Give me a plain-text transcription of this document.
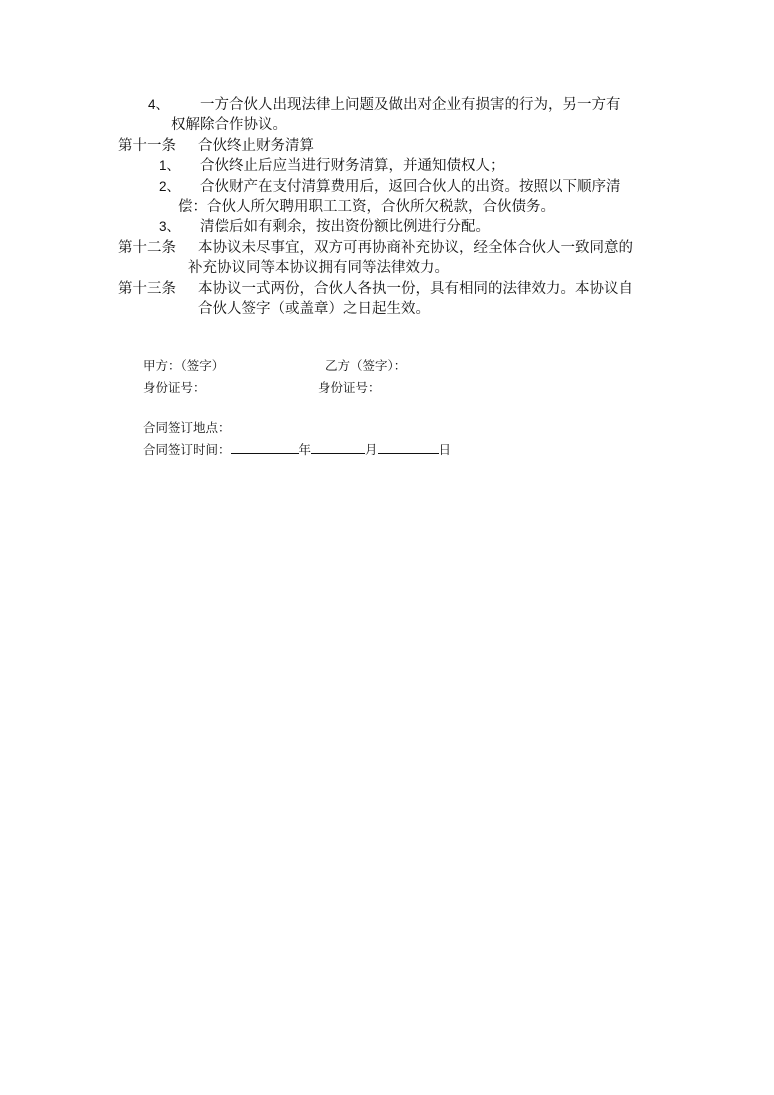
4、 一方合伙人出现法律上问题及做出对企业有损害的行为，另一方有
权解除合作协议。
第十一条 合伙终止财务清算
1、 合伙终止后应当进行财务清算，并通知债权人；
2、 合伙财产在支付清算费用后，返回合伙人的出资。按照以下顺序清
偿：合伙人所欠聘用职工工资，合伙所欠税款，合伙债务。
3、 清偿后如有剩余，按出资份额比例进行分配。
第十二条 本协议未尽事宜，双方可再协商补充协议，经全体合伙人一致同意的
补充协议同等本协议拥有同等法律效力。
第十三条 本协议一式两份，合伙人各执一份，具有相同的法律效力。本协议自
合伙人签字（或盖章）之日起生效。
甲方：（签字）	乙方（签字）：
身份证号：	身份证号：
合同签订地点：
合同签订时间：	年	月	日
